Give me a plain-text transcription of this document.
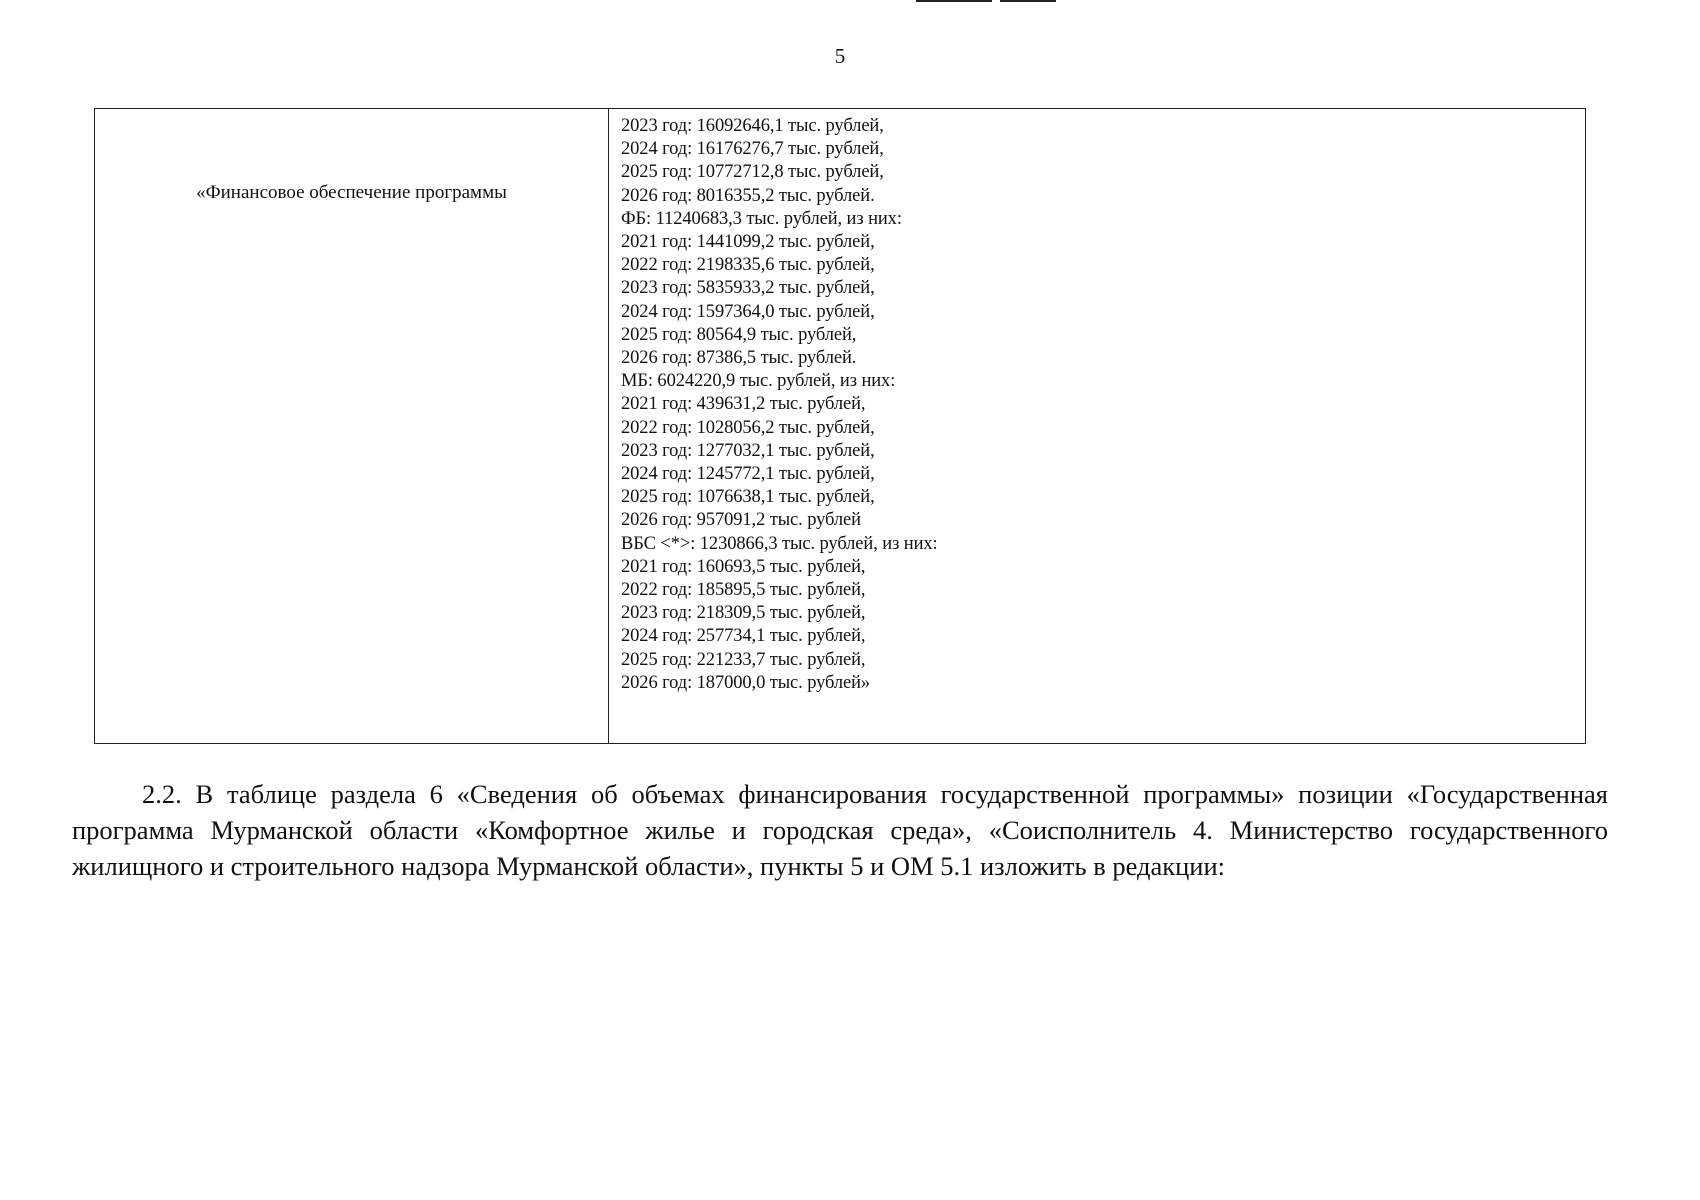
5
«Финансовое обеспечение программы
2023 год: 16092646,1 тыс. рублей,
2024 год: 16176276,7 тыс. рублей,
2025 год: 10772712,8 тыс. рублей,
2026 год: 8016355,2 тыс. рублей.
ФБ: 11240683,3 тыс. рублей, из них:
2021 год: 1441099,2 тыс. рублей,
2022 год: 2198335,6 тыс. рублей,
2023 год: 5835933,2 тыс. рублей,
2024 год: 1597364,0 тыс. рублей,
2025 год: 80564,9 тыс. рублей,
2026 год: 87386,5 тыс. рублей.
МБ: 6024220,9 тыс. рублей, из них:
2021 год: 439631,2 тыс. рублей,
2022 год: 1028056,2 тыс. рублей,
2023 год: 1277032,1 тыс. рублей,
2024 год: 1245772,1 тыс. рублей,
2025 год: 1076638,1 тыс. рублей,
2026 год: 957091,2 тыс. рублей
ВБС <*>: 1230866,3 тыс. рублей, из них:
2021 год: 160693,5 тыс. рублей,
2022 год: 185895,5 тыс. рублей,
2023 год: 218309,5 тыс. рублей,
2024 год: 257734,1 тыс. рублей,
2025 год: 221233,7 тыс. рублей,
2026 год: 187000,0 тыс. рублей»
2.2. В таблице раздела 6 «Сведения об объемах финансирования государственной программы» позиции «Государственная программа Мурманской области «Комфортное жилье и городская среда», «Соисполнитель 4. Министерство государственного жилищного и строительного надзора Мурманской области», пункты 5 и ОМ 5.1 изложить в редакции:
